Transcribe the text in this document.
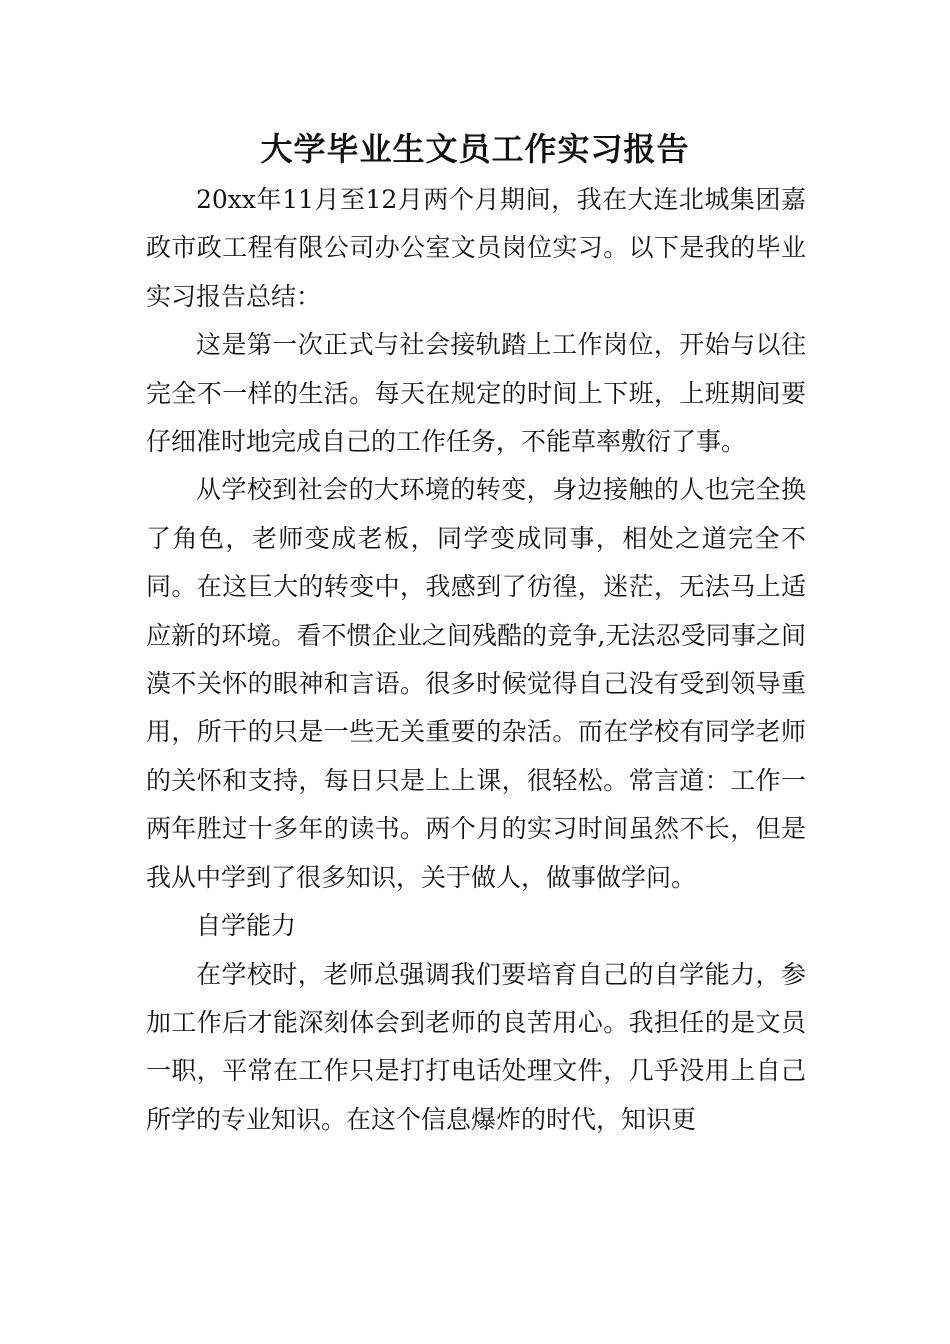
大学毕业生文员工作实习报告

20xx年11月至12月两个月期间，我在大连北城集团嘉政市政工程有限公司办公室文员岗位实习。以下是我的毕业实习报告总结：

这是第一次正式与社会接轨踏上工作岗位，开始与以往完全不一样的生活。每天在规定的时间上下班，上班期间要仔细准时地完成自己的工作任务，不能草率敷衍了事。

从学校到社会的大环境的转变，身边接触的人也完全换了角色，老师变成老板，同学变成同事，相处之道完全不同。在这巨大的转变中，我感到了彷徨，迷茫，无法马上适应新的环境。看不惯企业之间残酷的竞争,无法忍受同事之间漠不关怀的眼神和言语。很多时候觉得自己没有受到领导重用，所干的只是一些无关重要的杂活。而在学校有同学老师的关怀和支持，每日只是上上课，很轻松。常言道：工作一两年胜过十多年的读书。两个月的实习时间虽然不长，但是我从中学到了很多知识，关于做人，做事做学问。

自学能力

在学校时，老师总强调我们要培育自己的自学能力，参加工作后才能深刻体会到老师的良苦用心。我担任的是文员一职，平常在工作只是打打电话处理文件，几乎没用上自己所学的专业知识。在这个信息爆炸的时代，知识更
